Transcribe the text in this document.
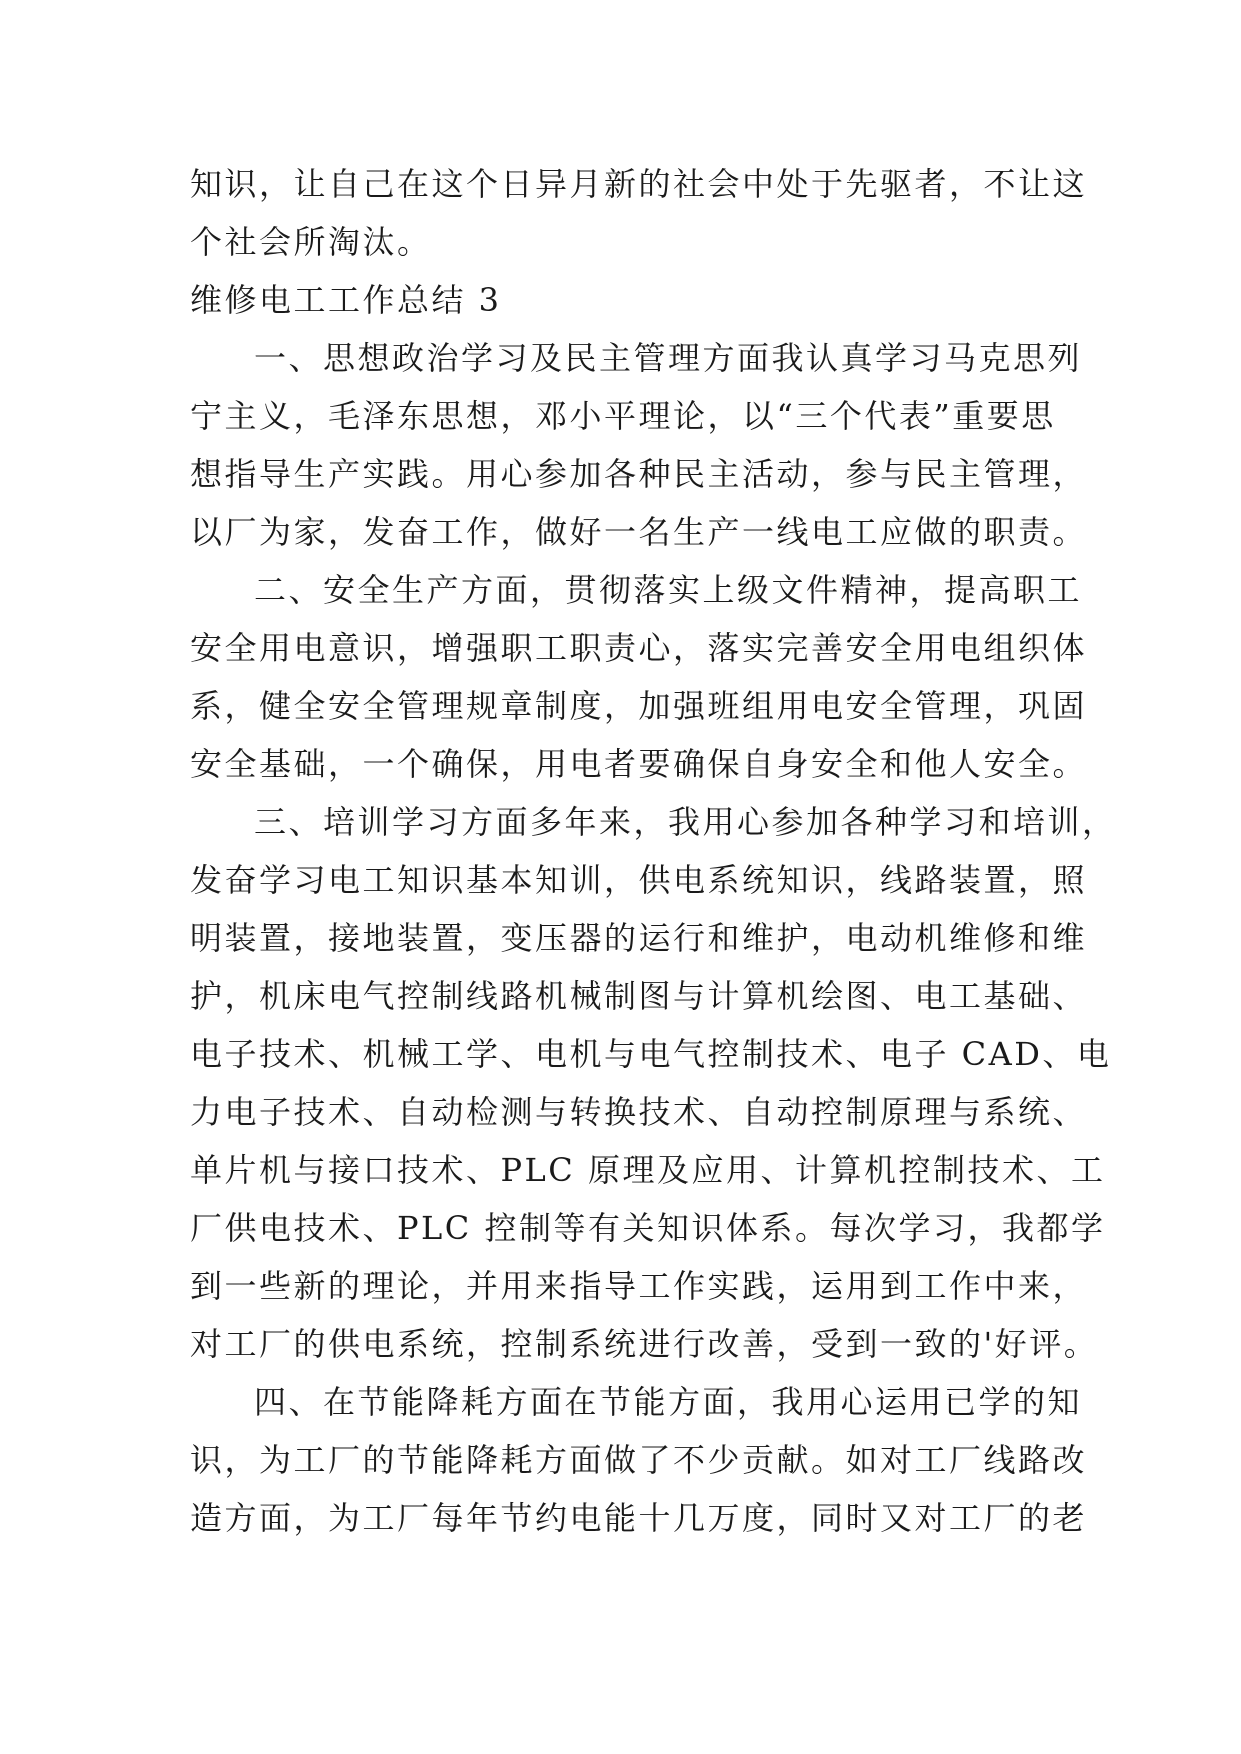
知识，让自己在这个日异月新的社会中处于先驱者，不让这
个社会所淘汰。
维修电工工作总结 3
一、思想政治学习及民主管理方面我认真学习马克思列
宁主义，毛泽东思想，邓小平理论，以“三个代表”重要思
想指导生产实践。用心参加各种民主活动，参与民主管理，
以厂为家，发奋工作，做好一名生产一线电工应做的职责。
二、安全生产方面，贯彻落实上级文件精神，提高职工
安全用电意识，增强职工职责心，落实完善安全用电组织体
系，健全安全管理规章制度，加强班组用电安全管理，巩固
安全基础，一个确保，用电者要确保自身安全和他人安全。
三、培训学习方面多年来，我用心参加各种学习和培训，
发奋学习电工知识基本知训，供电系统知识，线路装置，照
明装置，接地装置，变压器的运行和维护，电动机维修和维
护，机床电气控制线路机械制图与计算机绘图、电工基础、
电子技术、机械工学、电机与电气控制技术、电子 CAD、电
力电子技术、自动检测与转换技术、自动控制原理与系统、
单片机与接口技术、PLC 原理及应用、计算机控制技术、工
厂供电技术、PLC 控制等有关知识体系。每次学习，我都学
到一些新的理论，并用来指导工作实践，运用到工作中来，
对工厂的供电系统，控制系统进行改善，受到一致的'好评。
四、在节能降耗方面在节能方面，我用心运用已学的知
识，为工厂的节能降耗方面做了不少贡献。如对工厂线路改
造方面，为工厂每年节约电能十几万度，同时又对工厂的老
